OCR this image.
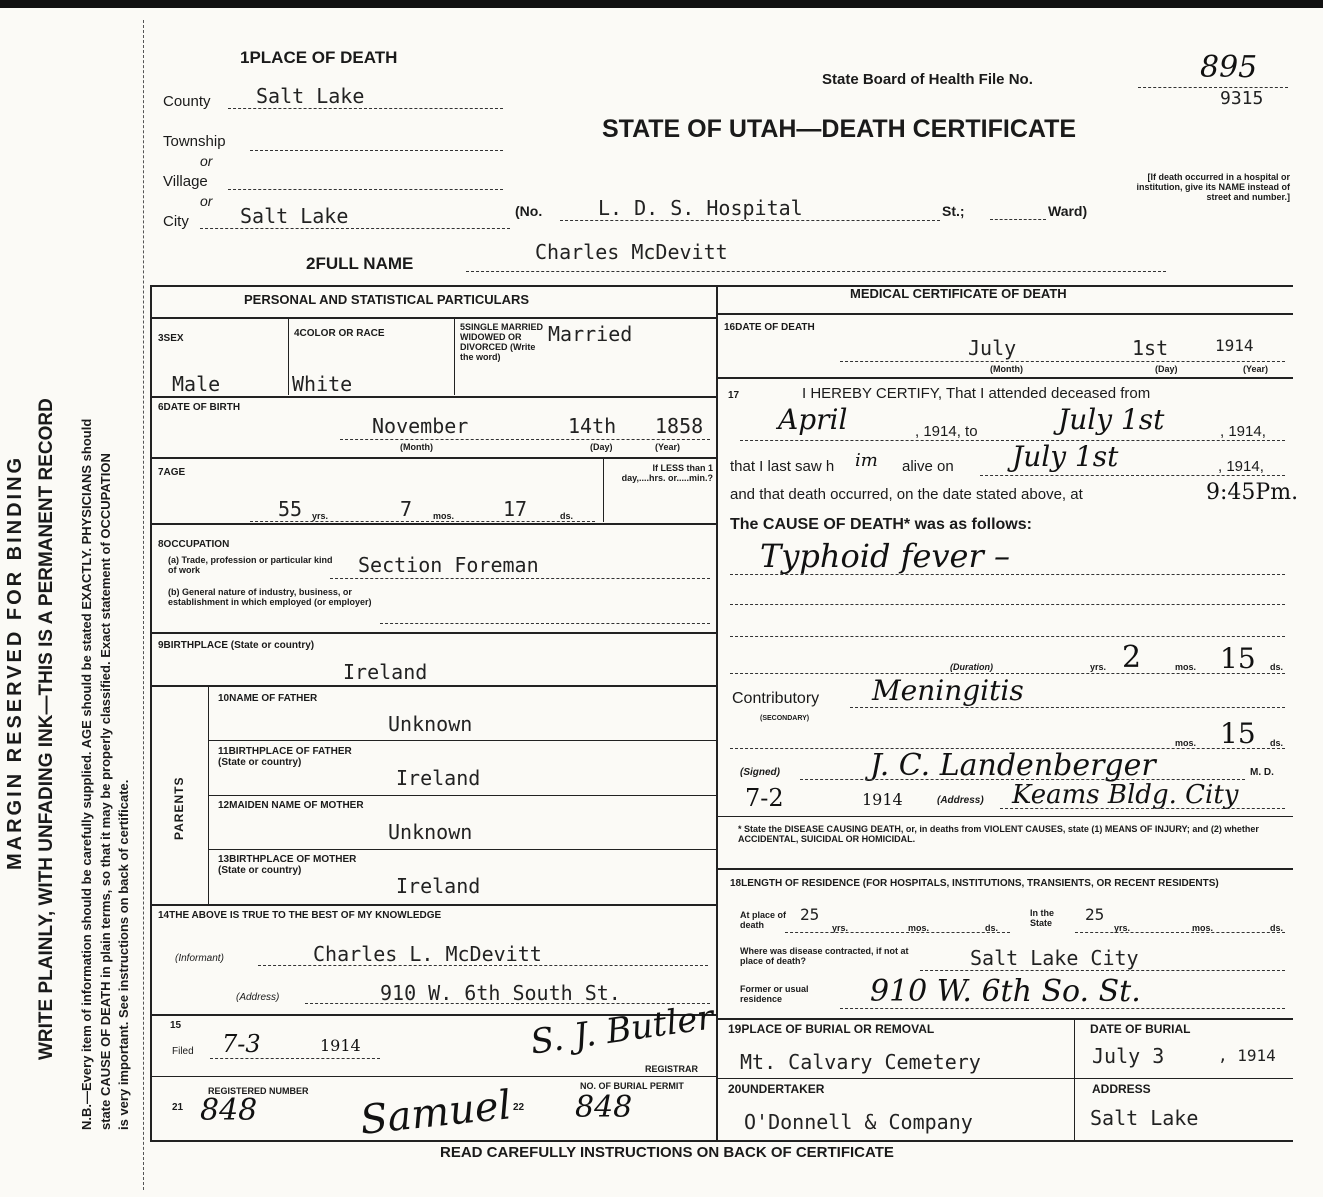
MARGIN RESERVED FOR BINDING WRITE PLAINLY, WITH UNFADING INK—THIS IS A PERMANENT RECORD N.B.—Every item of information should be carefully supplied. AGE should be stated EXACTLY. PHYSICIANS should state CAUSE OF DEATH in plain terms, so that it may be properly classified. Exact statement of OCCUPATION is very important. See instructions on back of certificate.
1PLACE OF DEATH
State Board of Health File No.	895
9315
County Salt Lake
Township
or
Village
or
City	Salt Lake
STATE OF UTAH—DEATH CERTIFICATE
(No.	L. D. S. Hospital	St.;	Ward)
[If death occurred in a hospital or institution, give its NAME instead of street and number.]
2FULL NAME	Charles McDevitt
PERSONAL AND STATISTICAL PARTICULARS
3SEX
Male
4COLOR OR RACE
White
5SINGLE MARRIED WIDOWED OR DIVORCED (Write the word)
Married
6DATE OF BIRTH
November	14th 1858
(Month)	(Day)	(Year)
7AGE
55 yrs.	7 mos. 17	ds.
If LESS than 1 day,....hrs. or.....min.?
8OCCUPATION
(a) Trade, profession or particular kind of work	Section Foreman
(b) General nature of industry, business, or establishment in which employed (or employer)
9BIRTHPLACE (State or country)
Ireland
PARENTS
10NAME OF FATHER
Unknown
11BIRTHPLACE OF FATHER (State or country)
Ireland
12MAIDEN NAME OF MOTHER
Unknown
13BIRTHPLACE OF MOTHER (State or country)
Ireland
14THE ABOVE IS TRUE TO THE BEST OF MY KNOWLEDGE
(Informant)	Charles L. McDevitt
(Address)	910 W. 6th South St.
15
Filed 7-3	1914	S. J. Butler
REGISTRAR
21
REGISTERED NUMBER
848	Samuel 22
NO. OF BURIAL PERMIT
848
MEDICAL CERTIFICATE OF DEATH
16DATE OF DEATH
July	1st	1914
(Month)	(Day)	(Year)
17	I HEREBY CERTIFY, That I attended deceased from
April	, 1914, to	July 1st	, 1914,
that I last saw h im alive on July 1st	, 1914,
and that death occurred, on the date stated above, at	9:45Pm.
The CAUSE OF DEATH* was as follows:
Typhoid fever –
(Duration)	yrs. 2	mos. 15 ds.
Contributory
(SECONDARY)
Meningitis
mos. 15 ds.
(Signed)	J. C. Landenberger	M. D.
7-2	1914	(Address) Keams Bldg. City
* State the DISEASE CAUSING DEATH, or, in deaths from VIOLENT CAUSES, state (1) MEANS OF INJURY; and (2) whether ACCIDENTAL, SUICIDAL OR HOMICIDAL.
18LENGTH OF RESIDENCE (FOR HOSPITALS, INSTITUTIONS, TRANSIENTS, OR RECENT RESIDENTS)
At place of death
25
yrs.	mos.	ds.
In the State	25
yrs.	mos.	ds.
Where was disease contracted, if not at place of death?	Salt Lake City
Former or usual residence	910 W. 6th So. St.
19PLACE OF BURIAL OR REMOVAL
Mt. Calvary Cemetery
DATE OF BURIAL
July 3	, 1914
20UNDERTAKER
O'Donnell & Company
ADDRESS
Salt Lake
READ CAREFULLY INSTRUCTIONS ON BACK OF CERTIFICATE
